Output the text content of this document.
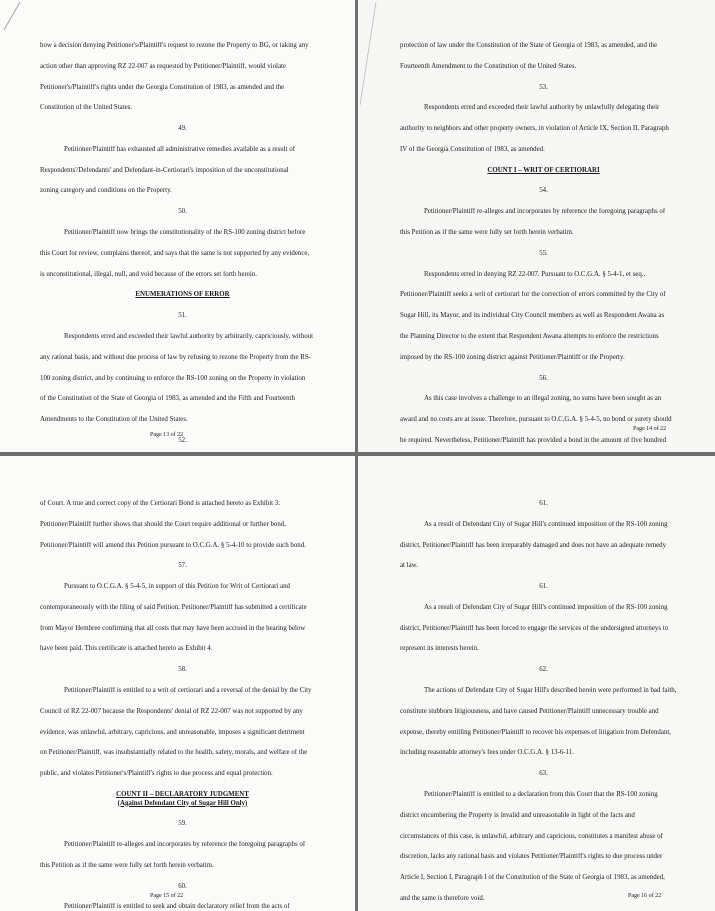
how a decision denying Petitioner's/Plaintiff's request to rezone the Property to BG, or taking any
action other than approving RZ 22-007 as requested by Petitioner/Plaintiff, would violate
Petitioner's/Plaintiff's rights under the Georgia Constitution of 1983, as amended and the
Constitution of the United States.
49.
Petitioner/Plaintiff has exhausted all administrative remedies available as a result of
Respondents'/Defendants' and Defendant-in-Certiorari's imposition of the unconstitutional
zoning category and conditions on the Property.
50.
Petitioner/Plaintiff now brings the constitutionality of the RS-100 zoning district before
this Court for review, complains thereof, and says that the same is not supported by any evidence,
is unconstitutional, illegal, null, and void because of the errors set forth herein.
ENUMERATIONS OF ERROR
51.
Respondents erred and exceeded their lawful authority by arbitrarily, capriciously, without
any rational basis, and without due process of law by refusing to rezone the Property from the RS-
100 zoning district, and by continuing to enforce the RS-100 zoning on the Property in violation
of the Constitution of the State of Georgia of 1983, as amended and the Fifth and Fourteenth
Amendments to the Constitution of the United States.
52.
Page 13 of 22
protection of law under the Constitution of the State of Georgia of 1983, as amended, and the
Fourteenth Amendment to the Constitution of the United States.
53.
Respondents erred and exceeded their lawful authority by unlawfully delegating their
authority to neighbors and other property owners, in violation of Article IX, Section II, Paragraph
IV of the Georgia Constitution of 1983, as amended.
COUNT I – WRIT OF CERTIORARI
54.
Petitioner/Plaintiff re-alleges and incorporates by reference the foregoing paragraphs of
this Petition as if the same were fully set forth herein verbatim.
55.
Respondents erred in denying RZ 22-007. Pursuant to O.C.G.A. § 5-4-1, et seq.,
Petitioner/Plaintiff seeks a writ of certiorari for the correction of errors committed by the City of
Sugar Hill, its Mayor, and its individual City Council members as well as Respondent Awana as
the Planning Director to the extent that Respondent Awana attempts to enforce the restrictions
imposed by the RS-100 zoning district against Petitioner/Plaintiff or the Property.
56.
As this case involves a challenge to an illegal zoning, no sums have been sought as an
award and no costs are at issue. Therefore, pursuant to O.C.G.A. § 5-4-5, no bond or surety should
be required. Nevertheless, Petitioner/Plaintiff has provided a bond in the amount of five hundred
Page 14 of 22
of Court. A true and correct copy of the Certiorari Bond is attached hereto as Exhibit 3.
Petitioner/Plaintiff further shows that should the Court require additional or further bond,
Petitioner/Plaintiff will amend this Petition pursuant to O.C.G.A. § 5-4-10 to provide such bond.
57.
Pursuant to O.C.G.A. § 5-4-5, in support of this Petition for Writ of Certiorari and
contemporaneously with the filing of said Petition, Petitioner/Plaintiff has submitted a certificate
from Mayor Hembree confirming that all costs that may have been accrued in the hearing below
have been paid. This certificate is attached hereto as Exhibit 4.
58.
Petitioner/Plaintiff is entitled to a writ of certiorari and a reversal of the denial by the City
Council of RZ 22-007 because the Respondents' denial of RZ 22-007 was not supported by any
evidence, was unlawful, arbitrary, capricious, and unreasonable, imposes a significant detriment
on Petitioner/Plaintiff, was insubstantially related to the health, safety, morals, and welfare of the
public, and violates Petitioner's/Plaintiff's rights to due process and equal protection.
COUNT II – DECLARATORY JUDGMENT
(Against Defendant City of Sugar Hill Only)
59.
Petitioner/Plaintiff re-alleges and incorporates by reference the foregoing paragraphs of
this Petition as if the same were fully set forth herein verbatim.
60.
Petitioner/Plaintiff is entitled to seek and obtain declaratory relief from the acts of
Page 15 of 22
61.
As a result of Defendant City of Sugar Hill's continued imposition of the RS-100 zoning
district, Petitioner/Plaintiff has been irreparably damaged and does not have an adequate remedy
at law.
61.
As a result of Defendant City of Sugar Hill's continued imposition of the RS-100 zoning
district, Petitioner/Plaintiff has been forced to engage the services of the undersigned attorneys to
represent its interests herein.
62.
The actions of Defendant City of Sugar Hill's described herein were performed in bad faith,
constitute stubborn litigiousness, and have caused Petitioner/Plaintiff unnecessary trouble and
expense, thereby entitling Petitioner/Plaintiff to recover his expenses of litigation from Defendant,
including reasonable attorney's fees under O.C.G.A. § 13-6-11.
63.
Petitioner/Plaintiff is entitled to a declaration from this Court that the RS-100 zoning
district encumbering the Property is invalid and unreasonable in light of the facts and
circumstances of this case, is unlawful, arbitrary and capricious, constitutes a manifest abuse of
discretion, lacks any rational basis and violates Petitioner/Plaintiff's rights to due process under
Article I, Section I, Paragraph I of the Constitution of the State of Georgia of 1983, as amended,
and the same is therefore void.	Page 16 of 22
